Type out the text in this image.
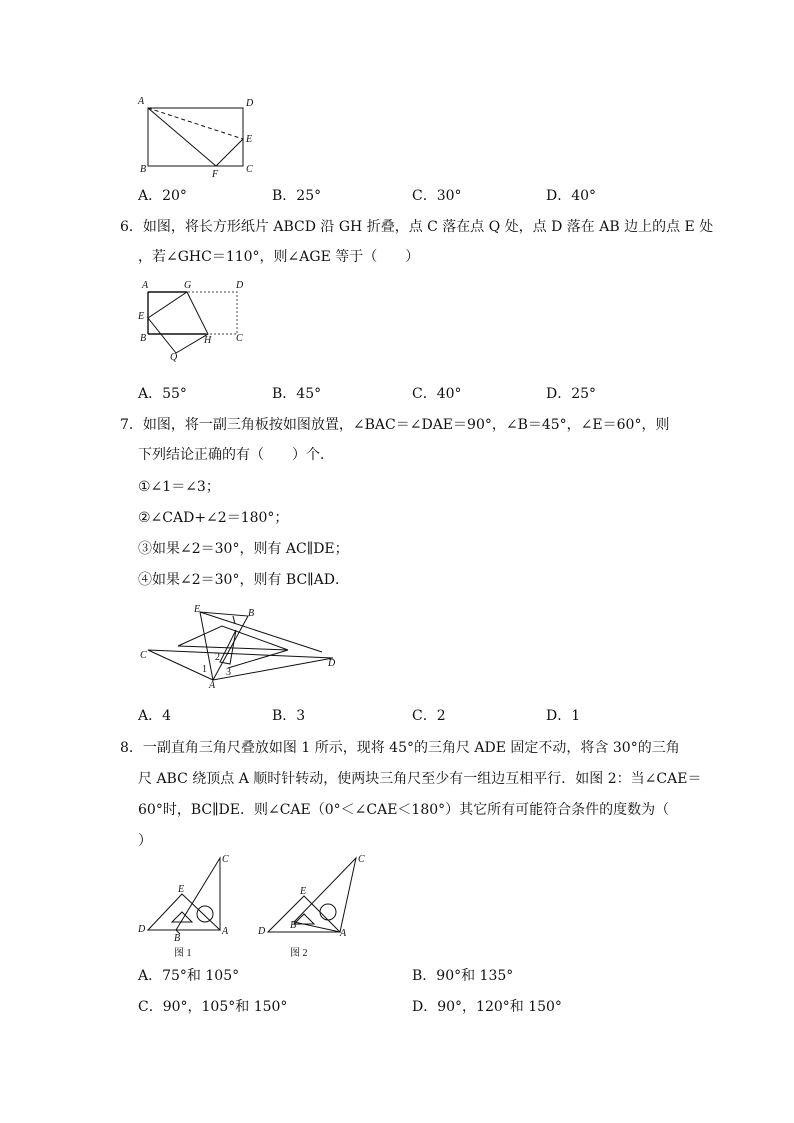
A	D
E
B	F	C
A．20°	B．25°	C．30°	D．40°
6．如图，将长方形纸片 ABCD 沿 GH 折叠，点 C 落在点 Q 处，点 D 落在 AB 边上的点 E 处
，若∠GHC＝110°，则∠AGE 等于（　　）
A	G	D
E
B	H C
Q
A．55°	B．45°	C．40°	D．25°
7．如图，将一副三角板按如图放置，∠BAC＝∠DAE＝90°，∠B＝45°，∠E＝60°，则
下列结论正确的有（　　）个．
①∠1＝∠3；
②∠CAD+∠2＝180°；
③如果∠2＝30°，则有 AC∥DE；
④如果∠2＝30°，则有 BC∥AD．
E	B
C
D
A
1
2
3
A．4	B．3	C．2	D．1
8．一副直角三角尺叠放如图 1 所示，现将 45°的三角尺 ADE 固定不动，将含 30°的三角
尺 ABC 绕顶点 A 顺时针转动，使两块三角尺至少有一组边互相平行．如图 2：当∠CAE＝
60°时，BC∥DE．则∠CAE（0°＜∠CAE＜180°）其它所有可能符合条件的度数为（
）
C
E
D
B
A
图 1
C
E
D
B
A
图 2
A．75°和 105°	B．90°和 135°
C．90°，105°和 150°	D．90°，120°和 150°
